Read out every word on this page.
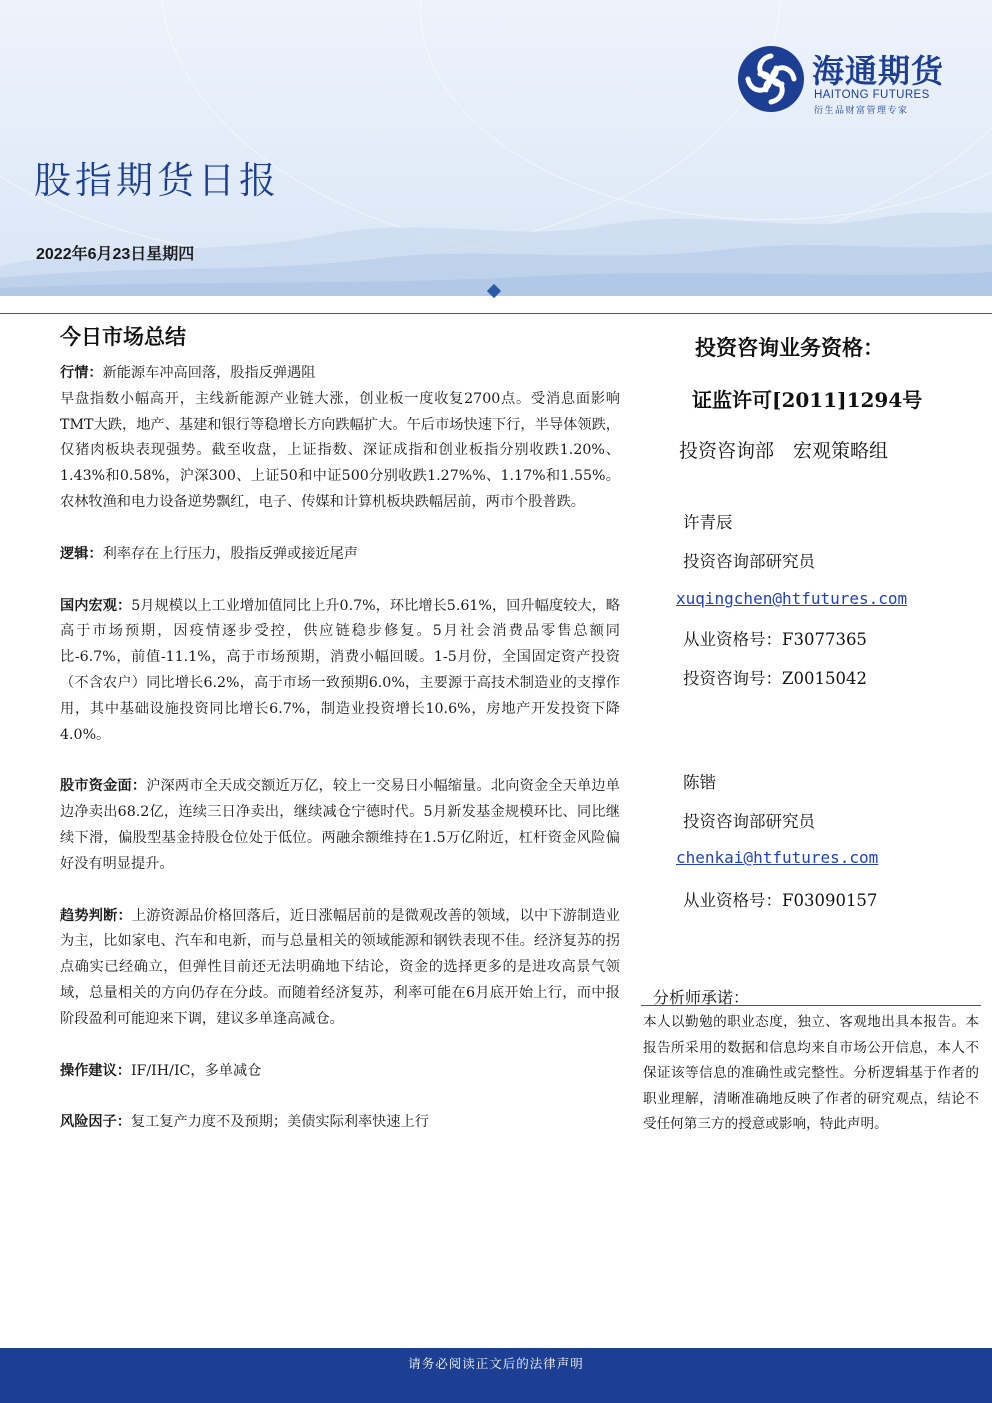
海通期货
HAITONG FUTURES
衍生品财富管理专家
股指期货日报
2022年6月23日星期四
今日市场总结
行情：新能源车冲高回落，股指反弹遇阻
早盘指数小幅高开，主线新能源产业链大涨，创业板一度收复2700点。受消息面影响TMT大跌，地产、基建和银行等稳增长方向跌幅扩大。午后市场快速下行，半导体领跌，仅猪肉板块表现强势。截至收盘，上证指数、深证成指和创业板指分别收跌1.20%、1.43%和0.58%，沪深300、上证50和中证500分别收跌1.27%%、1.17%和1.55%。农林牧渔和电力设备逆势飘红，电子、传媒和计算机板块跌幅居前，两市个股普跌。
逻辑：利率存在上行压力，股指反弹或接近尾声
国内宏观：5月规模以上工业增加值同比上升0.7%，环比增长5.61%，回升幅度较大，略高于市场预期，因疫情逐步受控，供应链稳步修复。5月社会消费品零售总额同比-6.7%，前值-11.1%，高于市场预期，消费小幅回暖。1-5月份，全国固定资产投资（不含农户）同比增长6.2%，高于市场一致预期6.0%，主要源于高技术制造业的支撑作用，其中基础设施投资同比增长6.7%，制造业投资增长10.6%，房地产开发投资下降4.0%。
股市资金面：沪深两市全天成交额近万亿，较上一交易日小幅缩量。北向资金全天单边单边净卖出68.2亿，连续三日净卖出，继续减仓宁德时代。5月新发基金规模环比、同比继续下滑，偏股型基金持股仓位处于低位。两融余额维持在1.5万亿附近，杠杆资金风险偏好没有明显提升。
趋势判断：上游资源品价格回落后，近日涨幅居前的是微观改善的领域，以中下游制造业为主，比如家电、汽车和电新，而与总量相关的领域能源和钢铁表现不佳。经济复苏的拐点确实已经确立，但弹性目前还无法明确地下结论，资金的选择更多的是进攻高景气领域，总量相关的方向仍存在分歧。而随着经济复苏，利率可能在6月底开始上行，而中报阶段盈利可能迎来下调，建议多单逢高减仓。
操作建议：IF/IH/IC，多单减仓
风险因子：复工复产力度不及预期；美债实际利率快速上行
投资咨询业务资格：
证监许可[2011]1294号
投资咨询部　宏观策略组
许青辰
投资咨询部研究员
xuqingchen@htfutures.com
从业资格号：F3077365
投资咨询号：Z0015042
陈锴
投资咨询部研究员
chenkai@htfutures.com
从业资格号：F03090157
分析师承诺：
本人以勤勉的职业态度，独立、客观地出具本报告。本报告所采用的数据和信息均来自市场公开信息，本人不保证该等信息的准确性或完整性。分析逻辑基于作者的职业理解，清晰准确地反映了作者的研究观点，结论不受任何第三方的授意或影响，特此声明。
请务必阅读正文后的法律声明
